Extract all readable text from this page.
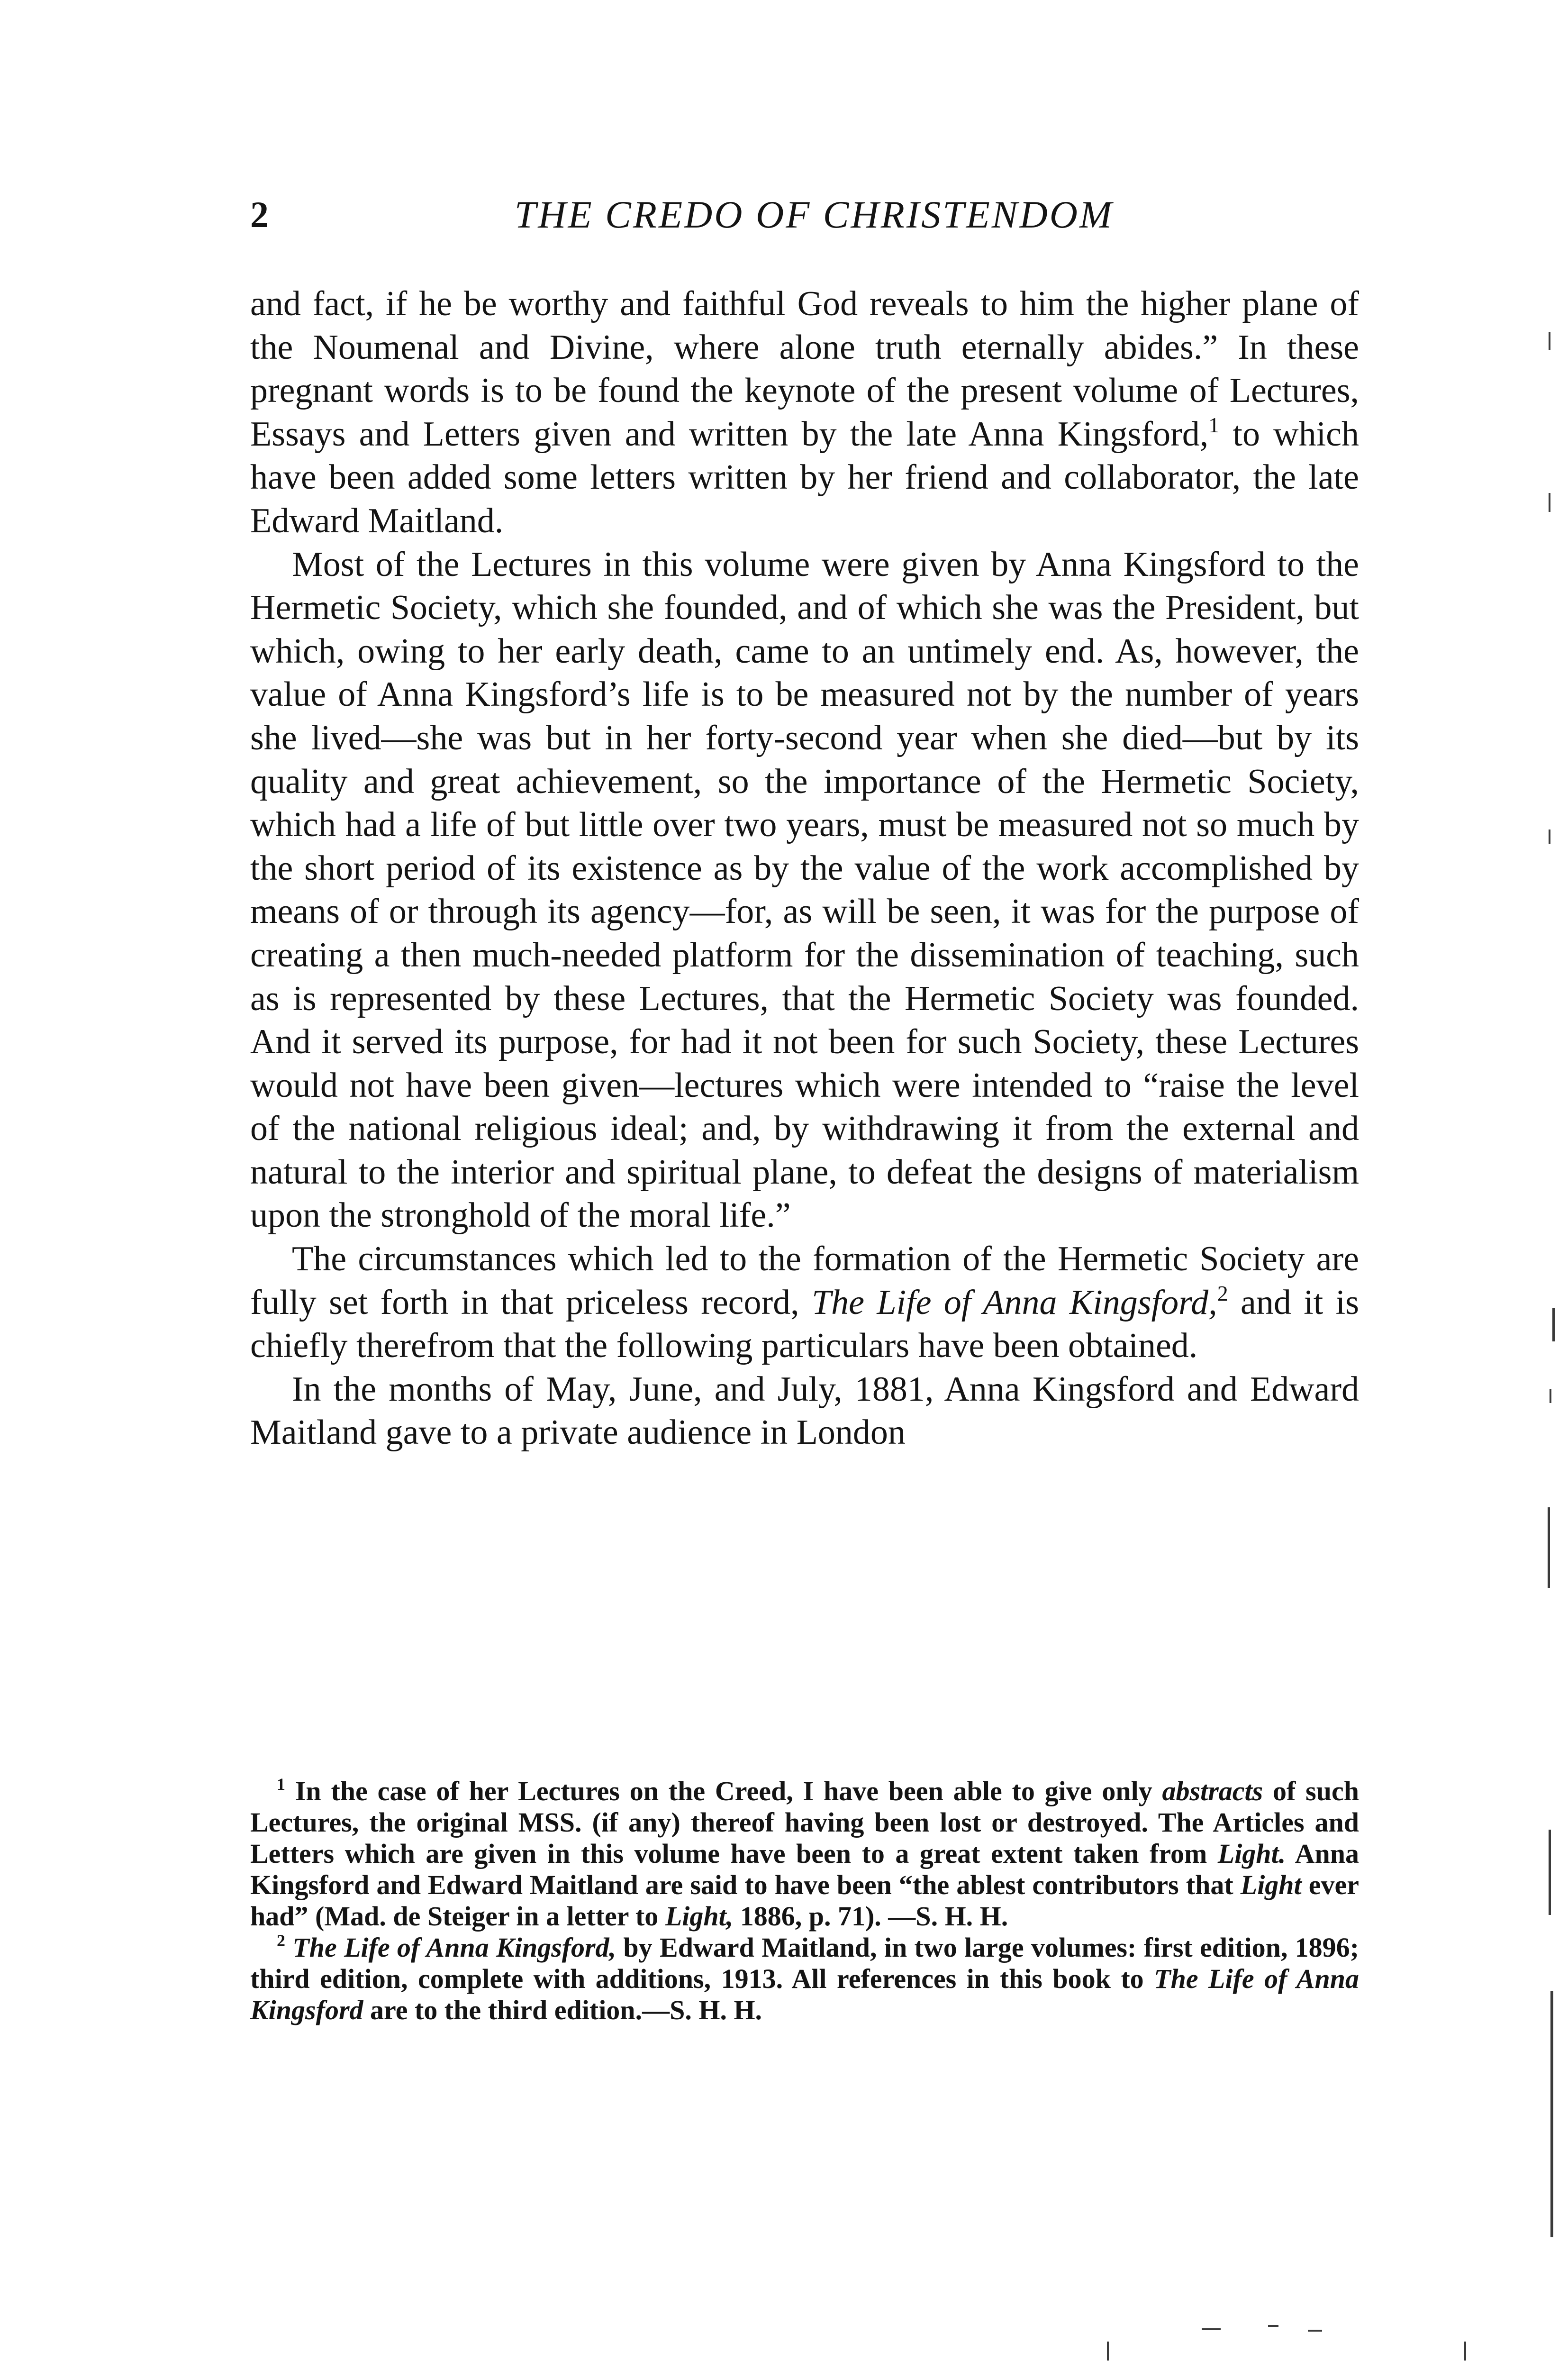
2	THE CREDO OF CHRISTENDOM

and fact, if he be worthy and faithful God reveals to him the higher plane of the Noumenal and Divine, where alone truth eternally abides.” In these pregnant words is to be found the keynote of the present volume of Lectures, Essays and Letters given and written by the late Anna Kingsford,$^1$ to which have been added some letters written by her friend and collaborator, the late Edward Maitland.

Most of the Lectures in this volume were given by Anna Kingsford to the Hermetic Society, which she founded, and of which she was the President, but which, owing to her early death, came to an untimely end. As, however, the value of Anna Kingsford’s life is to be measured not by the number of years she lived—she was but in her forty-second year when she died—but by its quality and great achievement, so the importance of the Hermetic Society, which had a life of but little over two years, must be measured not so much by the short period of its existence as by the value of the work accomplished by means of or through its agency—for, as will be seen, it was for the purpose of creating a then much-needed platform for the dissemination of teaching, such as is represented by these Lectures, that the Hermetic Society was founded. And it served its purpose, for had it not been for such Society, these Lectures would not have been given—lectures which were intended to “raise the level of the national religious ideal; and, by withdrawing it from the external and natural to the interior and spiritual plane, to defeat the designs of materialism upon the stronghold of the moral life.”

The circumstances which led to the formation of the Hermetic Society are fully set forth in that priceless record, The Life of Anna Kingsford,$^2$ and it is chiefly therefrom that the following particulars have been obtained.

In the months of May, June, and July, 1881, Anna Kingsford and Edward Maitland gave to a private audience in London

$^1$ In the case of her Lectures on the Creed, I have been able to give only abstracts of such Lectures, the original MSS. (if any) thereof having been lost or destroyed. The Articles and Letters which are given in this volume have been to a great extent taken from Light. Anna Kingsford and Edward Maitland are said to have been “the ablest contributors that Light ever had” (Mad. de Steiger in a letter to Light, 1886, p. 71). —S. H. H.

$^2$ The Life of Anna Kingsford, by Edward Maitland, in two large volumes: first edition, 1896; third edition, complete with additions, 1913. All references in this book to The Life of Anna Kingsford are to the third edition.—S. H. H.
